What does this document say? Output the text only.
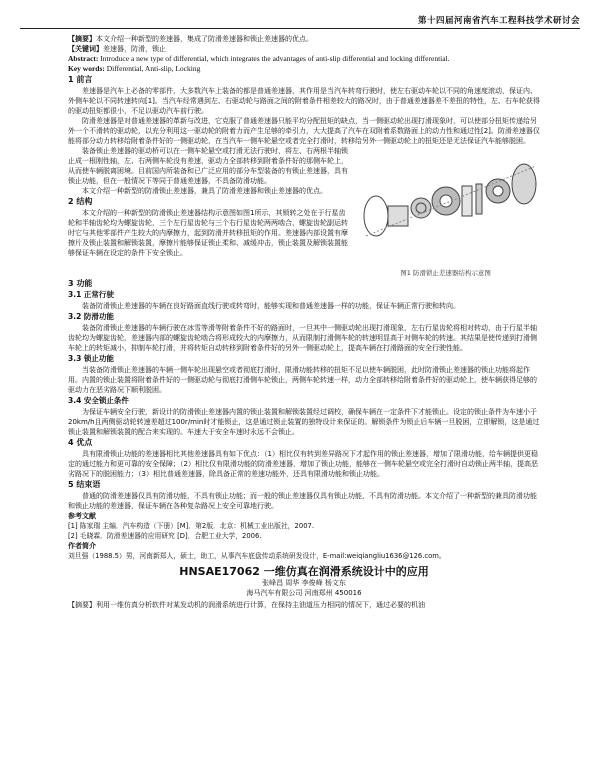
第十四届河南省汽车工程科技学术研讨会

【摘要】本文介绍一种新型的差速器，集成了防滑差速器和锁止差速器的优点。

【关键词】差速器，防滑，锁止

Abstract: Introduce a new type of differential, which integrates the advantages of anti-slip differential and locking differential.

Key words: Differential, Anti-slip, Locking

1 前言

差速器是汽车上必备的零部件，大多数汽车上装备的都是普通差速器，其作用是当汽车转弯行驶时，使左右驱动车轮以不同的角速度滚动，保证内、外侧车轮以不同转速转向[1]。当汽车经常遇到左、右驱动轮与路面之间的附着条件相差较大的路况时，由于普通差速器差不差扭的特性，左、右车轮获得的驱动扭矩都很小，不足以驱动汽车前行驶。

防滑差速器是对普通差速器的革新与改进，它克服了普通差速器只能平均分配扭矩的缺点，当一侧驱动轮出现打滑现象时，可以使部分扭矩传递给另外一个不滑转的驱动轮，以充分利用这一驱动轮的附着力而产生足够的牵引力，大大提高了汽车在双附着系数路面上的动力性和通过性[2]。防滑差速器仅能将部分动力转移给附着条件好的一侧驱动轮，在当汽车一侧车轮悬空或者完全打滑时，转移给另外一侧驱动轮上的扭矩还是无法保证汽车能够脱困。

装备锁止差速器的驱动桥可以在一侧车轮悬空或打滑无法行驶时，将左、右两根半轴锁止成一根刚性轴，左、右两侧车轮没有差速，驱动力全部转移到附着条件好的那侧车轮上，从而使车辆脱离困境。目前国内所装备和已广泛应用的部分车型装备的有锁止差速器，具有锁止功能，但在一般情况下等同于普通差速器，不具备防滑功能。

本文介绍一种新型的防滑锁止差速器，兼具了防滑差速器和锁止差速器的优点。

2 结构

本文介绍的一种新型的防滑锁止差速器结构示意图如图1所示，其锁转之处在于行星齿轮和半轴齿轮均为螺旋齿轮，三个左行星齿轮与三个右行星齿轮两两啮合，螺旋齿轮副运转时它与其他零部件产生较大的内摩擦力，起到防滑并转移扭矩的作用。差速器内部设置有摩擦片及锁止装置和解锁装置，摩擦片能够保证锁止柔和、减缓冲击，锁止装置及解锁装置能够保证车辆在设定的条件下安全锁止。

图1 防滑锁止差速器结构示意图
3 功能
3.1 正常行驶

装备防滑锁止差速器的车辆在良好路面直线行驶或转弯时，能够实现和普通差速器一样的功能，保证车辆正常行驶和转向。

3.2 防滑功能

装备防滑锁止差速器的车辆行驶在冰雪等滑等附着条件不好的路面时，一旦其中一侧驱动轮出现打滑现象，左右行星齿轮将相对转动，由于行星半轴齿轮均为螺旋齿轮，差速器内部的螺旋齿轮啮合将形成较大的内摩擦力，从而限制打滑侧车轮的转速明显高于对侧车轮的转速。其结果是使传递到打滑侧车轮上的转矩减小，抑制车轮打滑，并将转矩自动转移到附着条件好的另外一侧驱动轮上，提高车辆在打滑路面的安全行驶性能。

3.3 锁止功能

当装备防滑锁止差速器的车辆一侧车轮出现悬空或者彻底打滑时，限滑功能转移的扭矩不足以使车辆脱困，此时防滑锁止差速器的锁止功能将起作用。内置的锁止装置将附着条件好的一侧驱动轮与彻底打滑侧车轮锁止，两侧车轮转速一样，动力全部转移给附着条件好的驱动轮上，使车辆获得足够的驱动力在恶劣路况下顺利脱困。

3.4 安全锁止条件

为保证车辆安全行驶，新设计的防滑锁止差速器内置的锁止装置和解锁装置经过调校，确保车辆在一定条件下才能锁止。设定的锁止条件为车速小于20km/h且两侧驱动轮转速差超过100r/min时才能锁止，这是通过锁止装置的独特设计来保证的。解锁条件为锁止后车辆一旦脱困，立即解锁，这是通过锁止装置和解锁装置的配合来实现的。车速大于安全车速时永远不会锁止。

4 优点

具有限滑锁止功能的差速器相比其他差速器具有如下优点：（1）相比仅有转到差异路况下才起作用的锁止差速器，增加了限滑功能，给车辆提供更稳定的通过能力和更可靠的安全保障；（2）相比仅有限滑功能的防滑差速器，增加了锁止功能，能够在一侧车轮悬空或完全打滑时自动锁止两半轴，提高恶劣路况下的脱困能力；（3）相比普通差速器，除具备正常的差速功能外，还具有限滑功能和锁止功能。

5 结束语

普通的防滑差速器仅具有防滑功能，不具有锁止功能；而一般的锁止差速器仅具有锁止功能，不具有防滑功能。本文介绍了一种新型的兼具防滑功能和锁止功能的差速器，保证车辆在各种复杂路况上安全可靠地行驶。

参考文献

[1] 陈家瑞 主编．汽车构造（下册）[M]．第2版．北京：机械工业出版社，2007.

[2] 毛晓霖．防滑差速器的应用研究 [D]．合肥工业大学，2006.

作者简介

刘旦强（1988.5）男，河南新郑人，硕士，助工，从事汽车底盘传动系统研发设计，E-mail:weiqiangliu1636@126.com。

HNSAE17062 一维仿真在润滑系统设计中的应用
张峰昌 周华 李俊峰 杨文东
海马汽车有限公司 河南郑州 450016
【摘要】利用一维仿真分析软件对某发动机的润滑系统进行计算，在保持主油道压力相同的情况下，通过必要的机油
